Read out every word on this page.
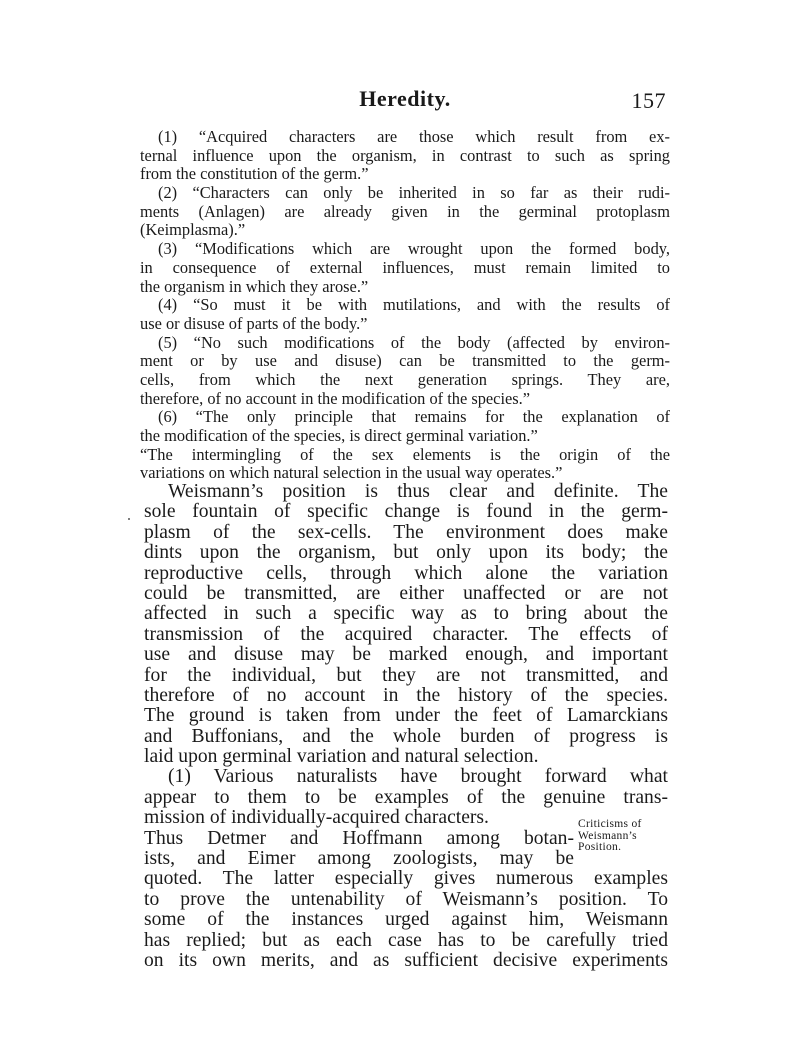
Heredity.	157
(1) “Acquired characters are those which result from ex-
ternal influence upon the organism, in contrast to such as spring
from the constitution of the germ.”
(2) “Characters can only be inherited in so far as their rudi-
ments (Anlagen) are already given in the germinal protoplasm
(Keimplasma).”
(3) “Modifications which are wrought upon the formed body,
in consequence of external influences, must remain limited to
the organism in which they arose.”
(4) “So must it be with mutilations, and with the results of
use or disuse of parts of the body.”
(5) “No such modifications of the body (affected by environ-
ment or by use and disuse) can be transmitted to the germ-
cells, from which the next generation springs. They are,
therefore, of no account in the modification of the species.”
(6) “The only principle that remains for the explanation of
the modification of the species, is direct germinal variation.”
“The intermingling of the sex elements is the origin of the
variations on which natural selection in the usual way operates.”
Weismann’s position is thus clear and definite. The
sole fountain of specific change is found in the germ-
plasm of the sex-cells. The environment does make
dints upon the organism, but only upon its body; the
reproductive cells, through which alone the variation
could be transmitted, are either unaffected or are not
affected in such a specific way as to bring about the
transmission of the acquired character. The effects of
use and disuse may be marked enough, and important
for the individual, but they are not transmitted, and
therefore of no account in the history of the species.
The ground is taken from under the feet of Lamarckians
and Buffonians, and the whole burden of progress is
laid upon germinal variation and natural selection.
(1) Various naturalists have brought forward what
appear to them to be examples of the genuine trans-
mission of individually-acquired characters.
Thus Detmer and Hoffmann among botan-
ists, and Eimer among zoologists, may be
quoted. The latter especially gives numerous examples
to prove the untenability of Weismann’s position. To
some of the instances urged against him, Weismann
has replied; but as each case has to be carefully tried
on its own merits, and as sufficient decisive experiments
Criticisms of
Weismann’s
Position.
